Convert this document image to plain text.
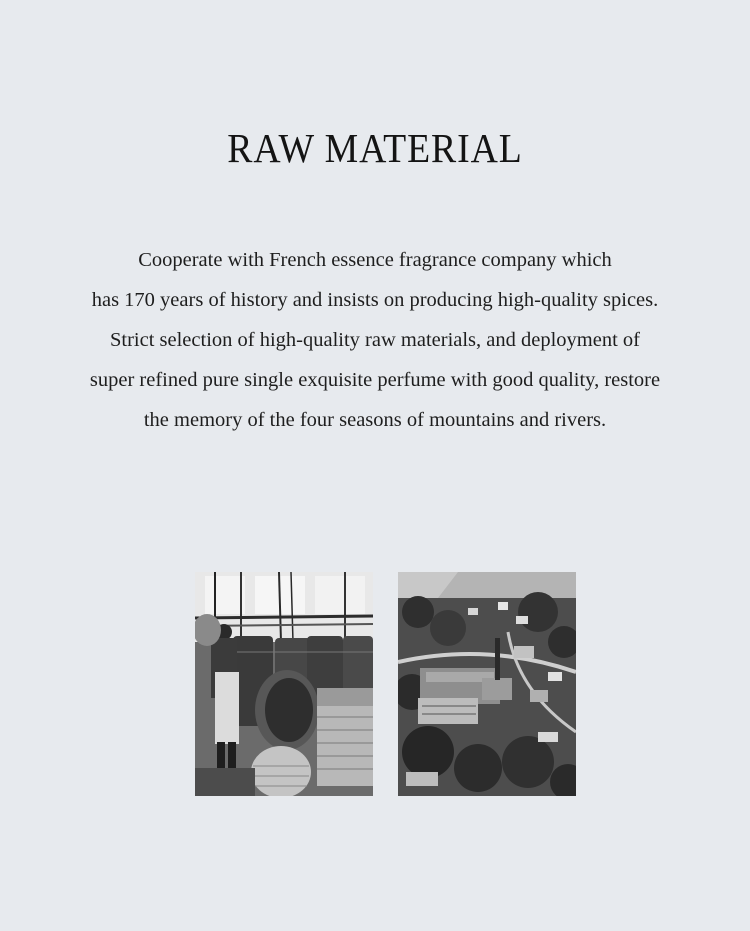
RAW MATERIAL
Cooperate with French essence fragrance company which
has 170 years of history and insists on producing high-quality spices.
Strict selection of high-quality raw materials, and deployment of
super refined pure single exquisite perfume with good quality, restore
the memory of the four seasons of mountains and rivers.
